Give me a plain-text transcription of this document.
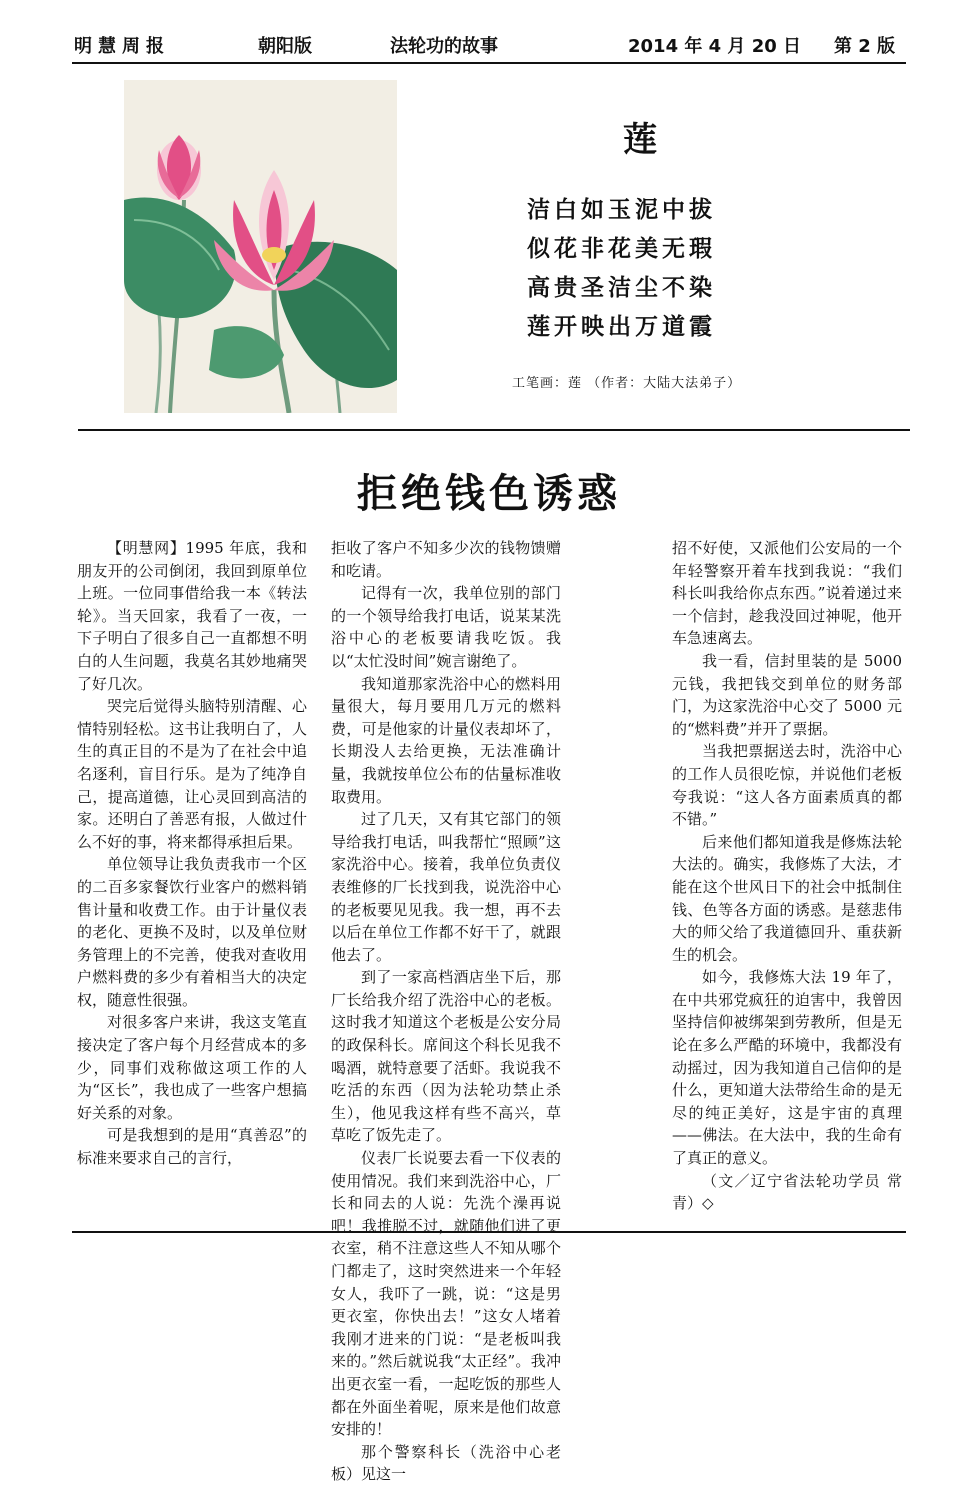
明慧周报	朝阳版	法轮功的故事	2014 年 4 月 20 日 第 2 版
莲
洁白如玉泥中拔
似花非花美无瑕
高贵圣洁尘不染
莲开映出万道霞
工笔画：莲 （作者：大陆大法弟子）
拒绝钱色诱惑

【明慧网】1995 年底，我和朋友开的公司倒闭，我回到原单位上班。一位同事借给我一本《转法轮》。当天回家，我看了一夜，一下子明白了很多自己一直都想不明白的人生问题，我莫名其妙地痛哭了好几次。

哭完后觉得头脑特别清醒、心情特别轻松。这书让我明白了，人生的真正目的不是为了在社会中追名逐利，盲目行乐。是为了纯净自己，提高道德，让心灵回到高洁的家。还明白了善恶有报，人做过什么不好的事，将来都得承担后果。

单位领导让我负责我市一个区的二百多家餐饮行业客户的燃料销售计量和收费工作。由于计量仪表的老化、更换不及时，以及单位财务管理上的不完善，使我对查收用户燃料费的多少有着相当大的决定权，随意性很强。

对很多客户来讲，我这支笔直接决定了客户每个月经营成本的多少，同事们戏称做这项工作的人为“区长”，我也成了一些客户想搞好关系的对象。

可是我想到的是用“真善忍”的标准来要求自己的言行，

拒收了客户不知多少次的钱物馈赠和吃请。

记得有一次，我单位别的部门的一个领导给我打电话，说某某洗浴中心的老板要请我吃饭。我以“太忙没时间”婉言谢绝了。

我知道那家洗浴中心的燃料用量很大，每月要用几万元的燃料费，可是他家的计量仪表却坏了，长期没人去给更换，无法准确计量，我就按单位公布的估量标准收取费用。

过了几天，又有其它部门的领导给我打电话，叫我帮忙“照顾”这家洗浴中心。接着，我单位负责仪表维修的厂长找到我，说洗浴中心的老板要见见我。我一想，再不去以后在单位工作都不好干了，就跟他去了。

到了一家高档酒店坐下后，那厂长给我介绍了洗浴中心的老板。这时我才知道这个老板是公安分局的政保科长。席间这个科长见我不喝酒，就特意要了活虾。我说我不吃活的东西（因为法轮功禁止杀生），他见我这样有些不高兴，草草吃了饭先走了。

仪表厂长说要去看一下仪表的使用情况。我们来到洗浴中心，厂长和同去的人说：先洗个澡再说吧！我推脱不过，就随他们进了更衣室，稍不注意这些人不知从哪个门都走了，这时突然进来一个年轻女人，我吓了一跳，说：“这是男更衣室，你快出去！”这女人堵着我刚才进来的门说：“是老板叫我来的。”然后就说我“太正经”。我冲出更衣室一看，一起吃饭的那些人都在外面坐着呢，原来是他们故意安排的！

那个警察科长（洗浴中心老板）见这一

招不好使，又派他们公安局的一个年轻警察开着车找到我说：“我们科长叫我给你点东西。”说着递过来一个信封，趁我没回过神呢，他开车急速离去。

我一看，信封里装的是 5000 元钱，我把钱交到单位的财务部门，为这家洗浴中心交了 5000 元的“燃料费”并开了票据。

当我把票据送去时，洗浴中心的工作人员很吃惊，并说他们老板夸我说：“这人各方面素质真的都不错。”

后来他们都知道我是修炼法轮大法的。确实，我修炼了大法，才能在这个世风日下的社会中抵制住钱、色等各方面的诱惑。是慈悲伟大的师父给了我道德回升、重获新生的机会。

如今，我修炼大法 19 年了，在中共邪党疯狂的迫害中，我曾因坚持信仰被绑架到劳教所，但是无论在多么严酷的环境中，我都没有动摇过，因为我知道自己信仰的是什么，更知道大法带给生命的是无尽的纯正美好，这是宇宙的真理——佛法。在大法中，我的生命有了真正的意义。

（文／辽宁省法轮功学员 常青）◇
